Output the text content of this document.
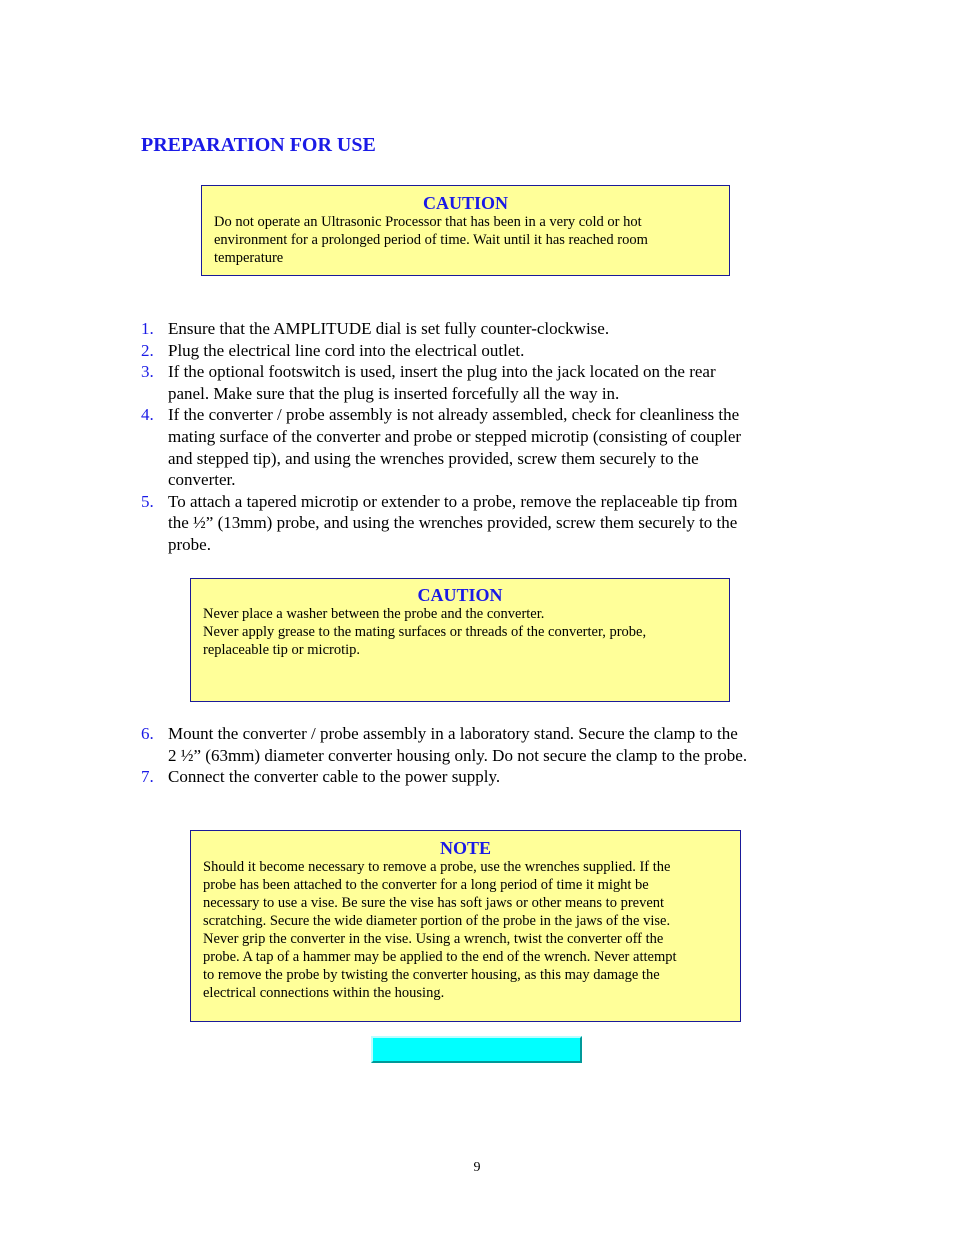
PREPARATION FOR USE
CAUTION
Do not operate an Ultrasonic Processor that has been in a very cold or hot
environment for a prolonged period of time. Wait until it has reached room
temperature
1. Ensure that the AMPLITUDE dial is set fully counter-clockwise.
2. Plug the electrical line cord into the electrical outlet.
3. If the optional footswitch is used, insert the plug into the jack located on the rear
panel. Make sure that the plug is inserted forcefully all the way in.
4. If the converter / probe assembly is not already assembled, check for cleanliness the
mating surface of the converter and probe or stepped microtip (consisting of coupler
and stepped tip), and using the wrenches provided, screw them securely to the
converter.
5. To attach a tapered microtip or extender to a probe, remove the replaceable tip from
the ½” (13mm) probe, and using the wrenches provided, screw them securely to the
probe.
CAUTION
Never place a washer between the probe and the converter.
Never apply grease to the mating surfaces or threads of the converter, probe,
replaceable tip or microtip.
6. Mount the converter / probe assembly in a laboratory stand. Secure the clamp to the
2 ½” (63mm) diameter converter housing only. Do not secure the clamp to the probe.
7. Connect the converter cable to the power supply.
NOTE
Should it become necessary to remove a probe, use the wrenches supplied. If the
probe has been attached to the converter for a long period of time it might be
necessary to use a vise. Be sure the vise has soft jaws or other means to prevent
scratching. Secure the wide diameter portion of the probe in the jaws of the vise.
Never grip the converter in the vise. Using a wrench, twist the converter off the
probe. A tap of a hammer may be applied to the end of the wrench. Never attempt
to remove the probe by twisting the converter housing, as this may damage the
electrical connections within the housing.
9
